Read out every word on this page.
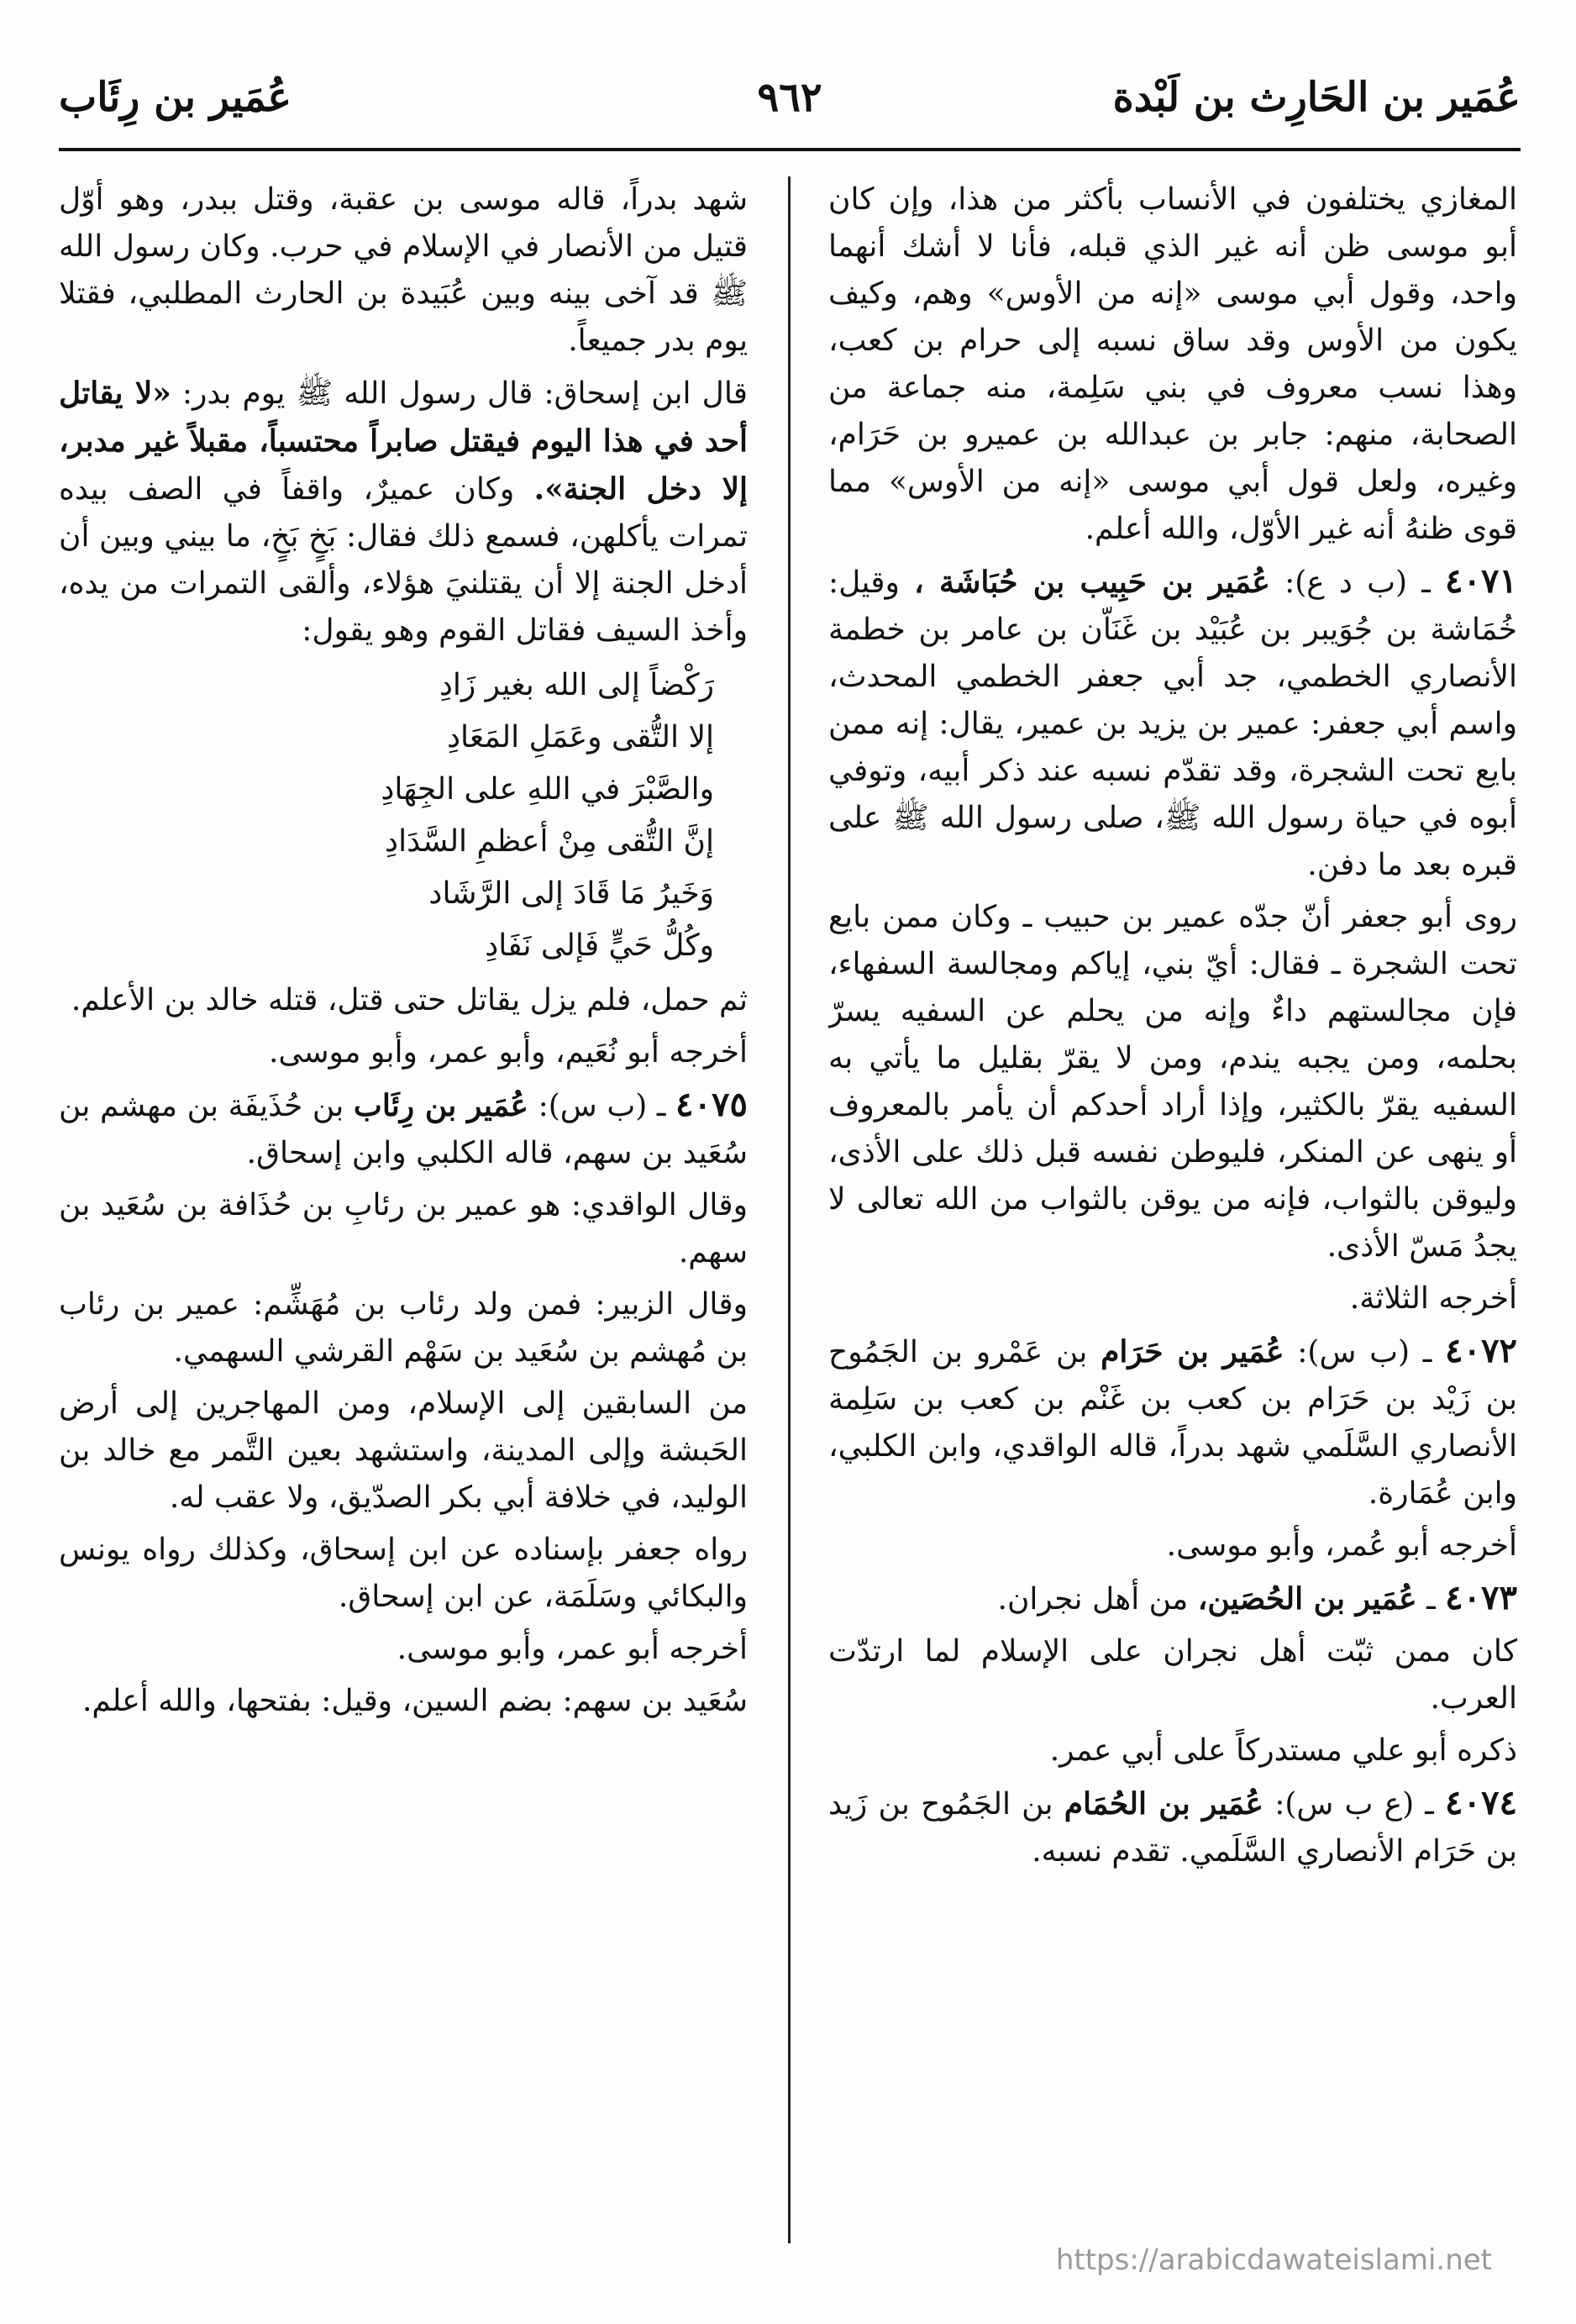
عُمَير بن الحَارِث بن لَبْدة
٩٦٢
عُمَير بن رِئَاب

المغازي يختلفون في الأنساب بأكثر من هذا، وإن كان أبو موسى ظن أنه غير الذي قبله، فأنا لا أشك أنهما واحد، وقول أبي موسى «إنه من الأوس» وهم، وكيف يكون من الأوس وقد ساق نسبه إلى حرام بن كعب، وهذا نسب معروف في بني سَلِمة، منه جماعة من الصحابة، منهم: جابر بن عبدالله بن عميرو بن حَرَام، وغيره، ولعل قول أبي موسى «إنه من الأوس» مما قوى ظنهُ أنه غير الأوّل، والله أعلم.

٤٠٧١ ـ (ب د ع): عُمَير بن حَبِيب بن حُبَاشَة ، وقيل: خُمَاشة بن جُوَيبر بن عُبَيْد بن غَنَاّن بن عامر بن خطمة الأنصاري الخطمي، جد أبي جعفر الخطمي المحدث، واسم أبي جعفر: عمير بن يزيد بن عمير، يقال: إنه ممن بايع تحت الشجرة، وقد تقدّم نسبه عند ذكر أبيه، وتوفي أبوه في حياة رسول الله ﷺ، صلى رسول الله ﷺ على قبره بعد ما دفن.

روى أبو جعفر أنّ جدّه عمير بن حبيب ـ وكان ممن بايع تحت الشجرة ـ فقال: أيّ بني، إياكم ومجالسة السفهاء، فإن مجالستهم داءٌ وإنه من يحلم عن السفيه يسرّ بحلمه، ومن يجبه يندم، ومن لا يقرّ بقليل ما يأتي به السفيه يقرّ بالكثير، وإذا أراد أحدكم أن يأمر بالمعروف أو ينهى عن المنكر، فليوطن نفسه قبل ذلك على الأذى، وليوقن بالثواب، فإنه من يوقن بالثواب من الله تعالى لا يجدُ مَسّ الأذى.

أخرجه الثلاثة.

٤٠٧٢ ـ (ب س): عُمَير بن حَرَام بن عَمْرو بن الجَمُوح بن زَيْد بن حَرَام بن كعب بن غَنْم بن كعب بن سَلِمة الأنصاري السَّلَمي شهد بدراً، قاله الواقدي، وابن الكلبي، وابن عُمَارة.

أخرجه أبو عُمر، وأبو موسى.

٤٠٧٣ ـ عُمَير بن الحُصَين، من أهل نجران.

كان ممن ثبّت أهل نجران على الإسلام لما ارتدّت العرب.

ذكره أبو علي مستدركاً على أبي عمر.

٤٠٧٤ ـ (ع ب س): عُمَير بن الحُمَام بن الجَمُوح بن زَيد بن حَرَام الأنصاري السَّلَمي. تقدم نسبه.

شهد بدراً، قاله موسى بن عقبة، وقتل ببدر، وهو أوّل قتيل من الأنصار في الإسلام في حرب. وكان رسول الله ﷺ قد آخى بينه وبين عُبَيدة بن الحارث المطلبي، فقتلا يوم بدر جميعاً.

قال ابن إسحاق: قال رسول الله ﷺ يوم بدر: «لا يقاتل أحد في هذا اليوم فيقتل صابراً محتسباً، مقبلاً غير مدبر، إلا دخل الجنة». وكان عميرٌ، واقفاً في الصف بيده تمرات يأكلهن، فسمع ذلك فقال: بَخٍ بَخٍ، ما بيني وبين أن أدخل الجنة إلا أن يقتلنيَ هؤلاء، وألقى التمرات من يده، وأخذ السيف فقاتل القوم وهو يقول:

رَكْضاً إلى الله بغير زَادِ
إلا التُّقى وعَمَلِ المَعَادِ
والصَّبْرَ في اللهِ على الجِهَادِ
إنَّ التُّقى مِنْ أعظمِ السَّدَادِ
وَخَيرُ مَا قَادَ إلى الرَّشَاد
وكُلُّ حَيٍّ فَإلى نَفَادِ

ثم حمل، فلم يزل يقاتل حتى قتل، قتله خالد بن الأعلم.

أخرجه أبو نُعَيم، وأبو عمر، وأبو موسى.

٤٠٧٥ ـ (ب س): عُمَير بن رِئَاب بن حُذَيفَة بن مهشم بن سُعَيد بن سهم، قاله الكلبي وابن إسحاق.

وقال الواقدي: هو عمير بن رئابِ بن حُذَافة بن سُعَيد بن سهم.

وقال الزبير: فمن ولد رئاب بن مُهَشِّم: عمير بن رئاب بن مُهشم بن سُعَيد بن سَهْم القرشي السهمي.

من السابقين إلى الإسلام، ومن المهاجرين إلى أرض الحَبشة وإلى المدينة، واستشهد بعين التَّمر مع خالد بن الوليد، في خلافة أبي بكر الصدّيق، ولا عقب له.

رواه جعفر بإسناده عن ابن إسحاق، وكذلك رواه يونس والبكائي وسَلَمَة، عن ابن إسحاق.

أخرجه أبو عمر، وأبو موسى.

سُعَيد بن سهم: بضم السين، وقيل: بفتحها، والله أعلم.

https://arabicdawateislami.net
